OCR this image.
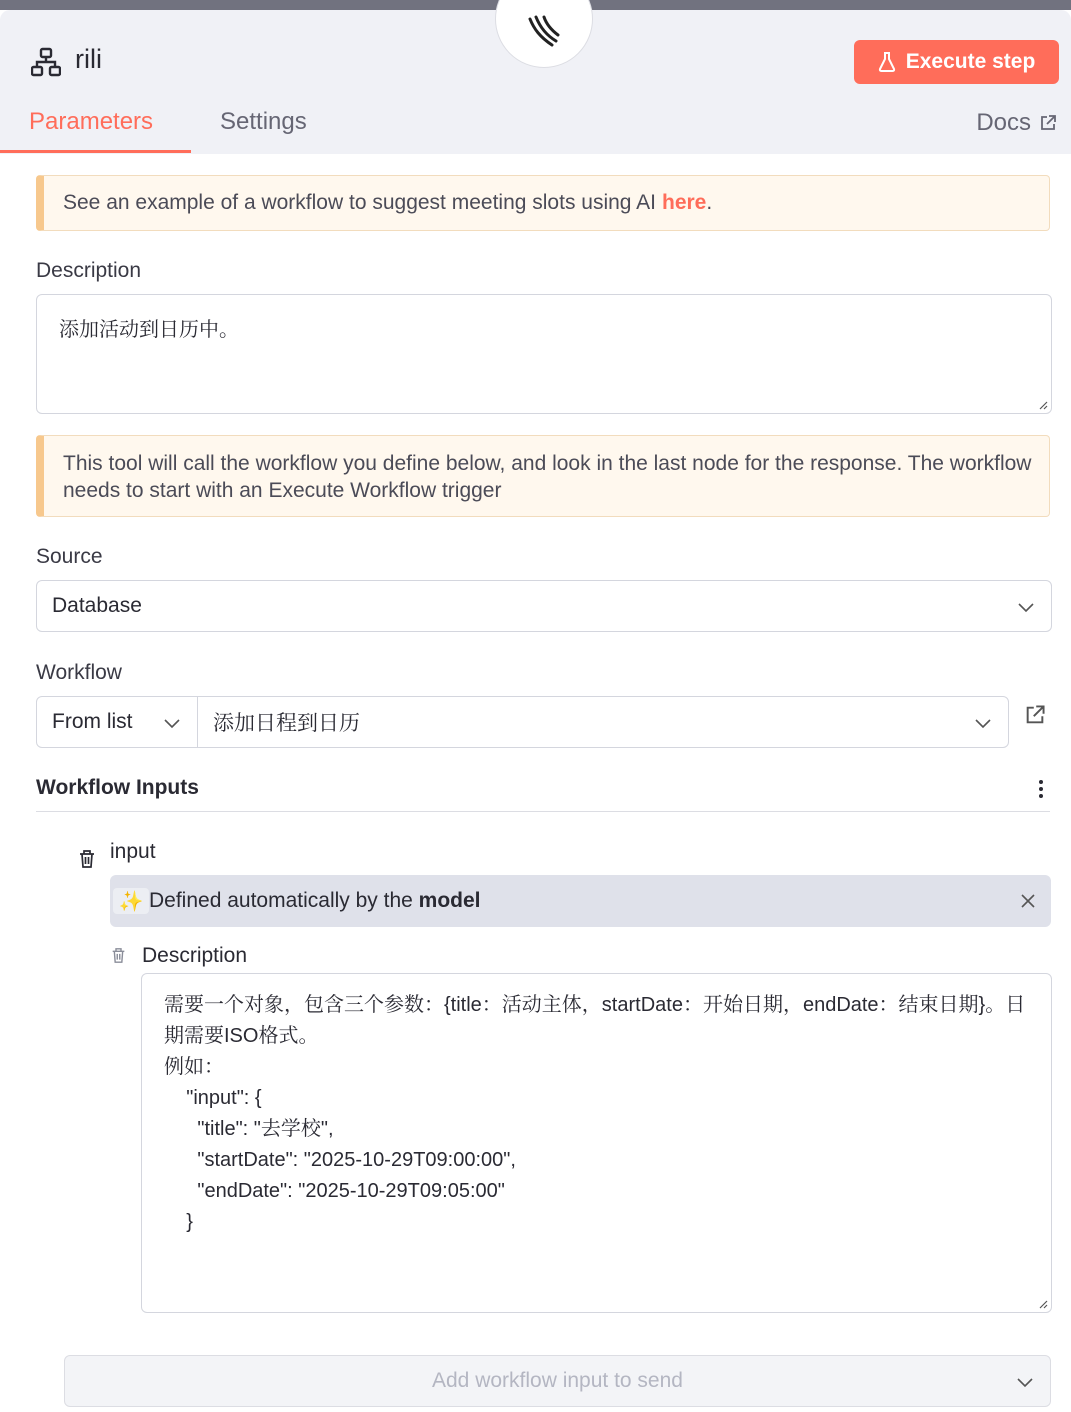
rili	Execute step
Parameters	Settings	Docs
See an example of a workflow to suggest meeting slots using AI here .
Description
添加活动到日历中。
This tool will call the workflow you define below, and look in the last node for the response. The workflow needs to start with an Execute Workflow trigger
Source
Database
Workflow
From list	添加日程到日历
Workflow Inputs
input
✨ Defined automatically by the model
Description
需要一个对象，包含三个参数：{title：活动主体，startDate：开始日期，endDate：结束日期}。日期需要ISO格式。
例如：
"input": {
"title": "去学校",
"startDate": "2025-10-29T09:00:00",
"endDate": "2025-10-29T09:05:00"
}
Add workflow input to send
